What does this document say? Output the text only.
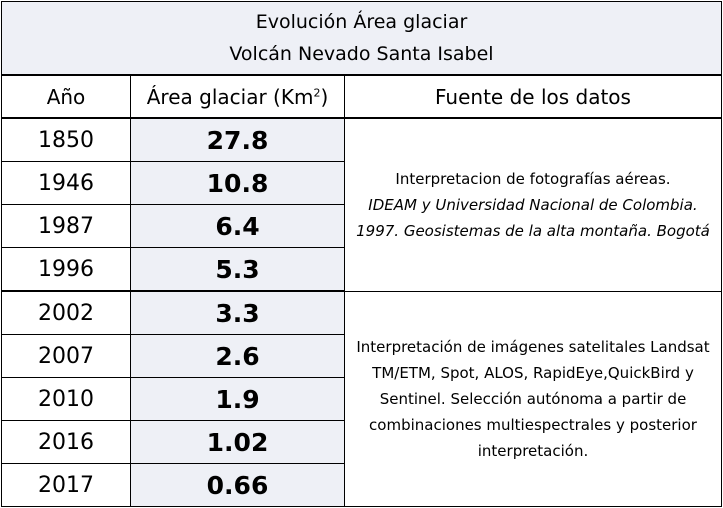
Evolución Área glaciar
Volcán Nevado Santa Isabel		

Año	Área glaciar (Km$^2$)	Fuente de los datos
1850	27.8	Interpretacion de fotografías aéreas.
IDEAM y Universidad Nacional de Colombia. 1997. Geosistemas de la alta montaña. Bogotá
1946	10.8	
1987	6.4	
1996	5.3	
2002	3.3	Interpretación de imágenes satelitales Landsat TM/ETM, Spot, ALOS, RapidEye,QuickBird y Sentinel. Selección autónoma a partir de combinaciones multiespectrales y posterior interpretación.

2007	2.6	
2010	1.9	
2016	1.02	
2017	0.66	
